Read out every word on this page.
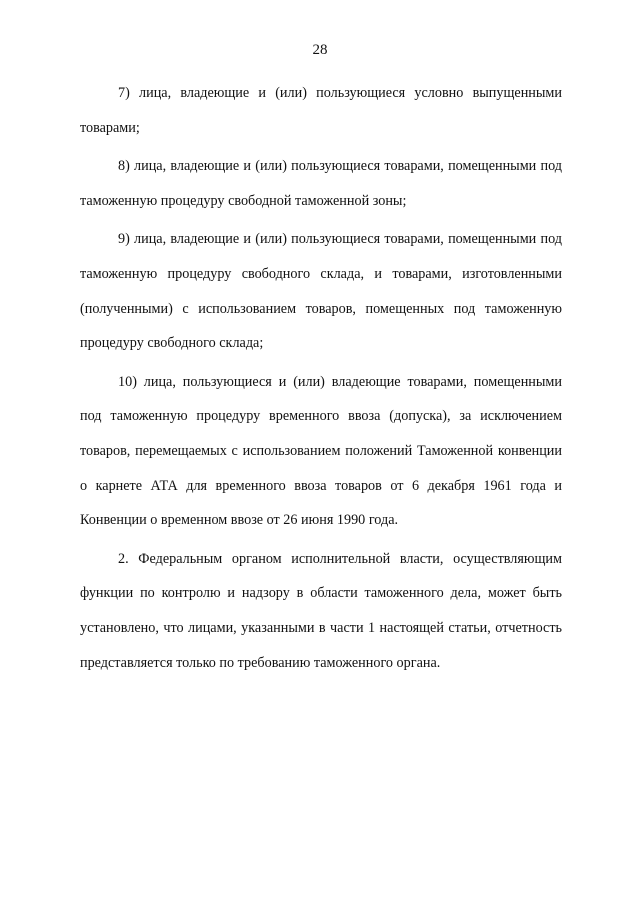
28

7) лица, владеющие и (или) пользующиеся условно выпущенными товарами;

8) лица, владеющие и (или) пользующиеся товарами, помещенными под таможенную процедуру свободной таможенной зоны;

9) лица, владеющие и (или) пользующиеся товарами, помещенными под таможенную процедуру свободного склада, и товарами, изготовленными (полученными) с использованием товаров, помещенных под таможенную процедуру свободного склада;

10) лица, пользующиеся и (или) владеющие товарами, помещенными под таможенную процедуру временного ввоза (допуска), за исключением товаров, перемещаемых с использованием положений Таможенной конвенции о карнете АТА для временного ввоза товаров от 6 декабря 1961 года и Конвенции о временном ввозе от 26 июня 1990 года.

2. Федеральным органом исполнительной власти, осуществляющим функции по контролю и надзору в области таможенного дела, может быть установлено, что лицами, указанными в части 1 настоящей статьи, отчетность представляется только по требованию таможенного органа.
